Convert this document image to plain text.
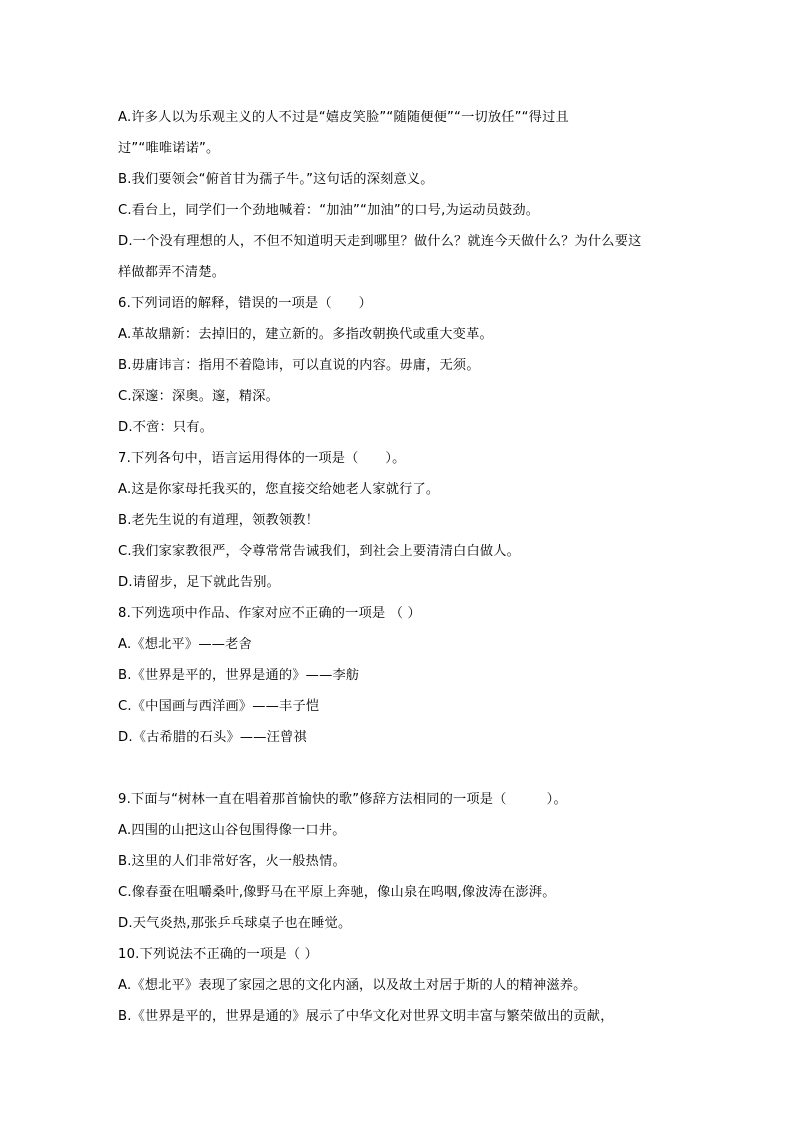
A.许多人以为乐观主义的人不过是“嬉皮笑脸”“随随便便”“一切放任”“得过且
过”“唯唯诺诺”。
B.我们要领会“俯首甘为孺子牛。”这句话的深刻意义。
C.看台上，同学们一个劲地喊着：“加油”“加油”的口号,为运动员鼓劲。
D.一个没有理想的人，不但不知道明天走到哪里？做什么？就连今天做什么？为什么要这
样做都弄不清楚。
6.下列词语的解释，错误的一项是（　　）
A.革故鼎新：去掉旧的，建立新的。多指改朝换代或重大变革。
B.毋庸讳言：指用不着隐讳，可以直说的内容。毋庸，无须。
C.深邃：深奥。邃，精深。
D.不啻：只有。
7.下列各句中，语言运用得体的一项是（　　）。
A.这是你家母托我买的，您直接交给她老人家就行了。
B.老先生说的有道理，领教领教！
C.我们家家教很严，令尊常常告诫我们，到社会上要清清白白做人。
D.请留步，足下就此告别。
8.下列选项中作品、作家对应不正确的一项是 （ ）
A.《想北平》——老舍
B.《世界是平的，世界是通的》——李舫
C.《中国画与西洋画》——丰子恺
D.《古希腊的石头》——汪曾祺
9.下面与“树林一直在唱着那首愉快的歌”修辞方法相同的一项是（　　　）。
A.四围的山把这山谷包围得像一口井。
B.这里的人们非常好客，火一般热情。
C.像春蚕在咀嚼桑叶,像野马在平原上奔驰，像山泉在呜咽,像波涛在澎湃。
D.天气炎热,那张乒乓球桌子也在睡觉。
10.下列说法不正确的一项是（ ）
A.《想北平》表现了家园之思的文化内涵，以及故土对居于斯的人的精神滋养。
B.《世界是平的，世界是通的》展示了中华文化对世界文明丰富与繁荣做出的贡献，
